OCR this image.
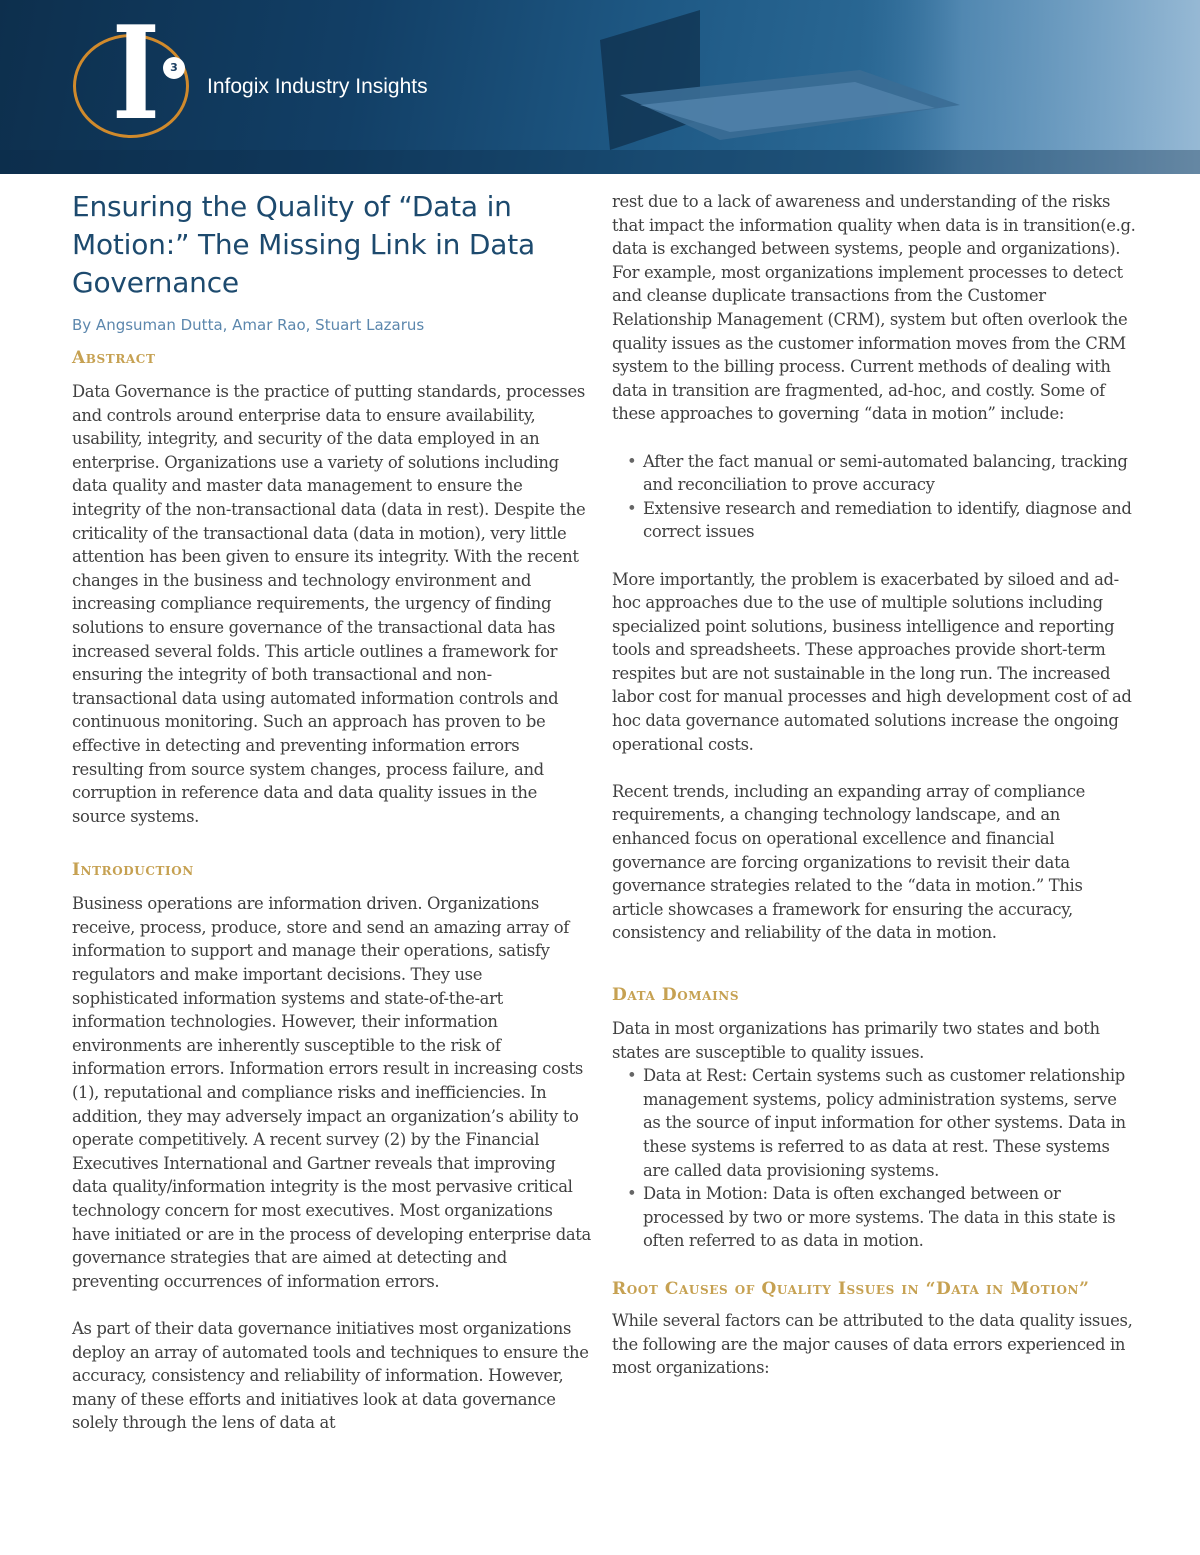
I 3
Infogix Industry Insights
Ensuring the Quality of “Data in Motion:” The Missing Link in Data Governance
By Angsuman Dutta, Amar Rao, Stuart Lazarus
Abstract

Data Governance is the practice of putting standards, processes and controls around enterprise data to ensure availability, usability, integrity, and security of the data employed in an enterprise. Organizations use a variety of solutions including data quality and master data management to ensure the integrity of the non-transactional data (data in rest). Despite the criticality of the transactional data (data in motion), very little attention has been given to ensure its integrity. With the recent changes in the business and technology environment and increasing compliance requirements, the urgency of finding solutions to ensure governance of the transactional data has increased several folds. This article outlines a framework for ensuring the integrity of both transactional and non-transactional data using automated information controls and continuous monitoring. Such an approach has proven to be effective in detecting and preventing information errors resulting from source system changes, process failure, and corruption in reference data and data quality issues in the source systems.

Introduction

Business operations are information driven. Organizations receive, process, produce, store and send an amazing array of information to support and manage their operations, satisfy regulators and make important decisions. They use sophisticated information systems and state-of-the-art information technologies. However, their information environments are inherently susceptible to the risk of information errors. Information errors result in increasing costs (1), reputational and compliance risks and inefficiencies. In addition, they may adversely impact an organization’s ability to operate competitively. A recent survey (2) by the Financial Executives International and Gartner reveals that improving data quality/information integrity is the most pervasive critical technology concern for most executives. Most organizations have initiated or are in the process of developing enterprise data governance strategies that are aimed at detecting and preventing occurrences of information errors.

As part of their data governance initiatives most organizations deploy an array of automated tools and techniques to ensure the accuracy, consistency and reliability of information. However, many of these efforts and initiatives look at data governance solely through the lens of data at

rest due to a lack of awareness and understanding of the risks that impact the information quality when data is in transition(e.g. data is exchanged between systems, people and organizations). For example, most organizations implement processes to detect and cleanse duplicate transactions from the Customer Relationship Management (CRM), system but often overlook the quality issues as the customer information moves from the CRM system to the billing process. Current methods of dealing with data in transition are fragmented, ad-hoc, and costly. Some of these approaches to governing “data in motion” include:

• After the fact manual or semi-automated balancing, tracking and reconciliation to prove accuracy
• Extensive research and remediation to identify, diagnose and correct issues

More importantly, the problem is exacerbated by siloed and ad-hoc approaches due to the use of multiple solutions including specialized point solutions, business intelligence and reporting tools and spreadsheets. These approaches provide short-term respites but are not sustainable in the long run. The increased labor cost for manual processes and high development cost of ad hoc data governance automated solutions increase the ongoing operational costs.

Recent trends, including an expanding array of compliance requirements, a changing technology landscape, and an enhanced focus on operational excellence and financial governance are forcing organizations to revisit their data governance strategies related to the “data in motion.” This article showcases a framework for ensuring the accuracy, consistency and reliability of the data in motion.

Data Domains

Data in most organizations has primarily two states and both states are susceptible to quality issues.

• Data at Rest: Certain systems such as customer relationship management systems, policy administration systems, serve as the source of input information for other systems. Data in these systems is referred to as data at rest. These systems are called data provisioning systems.
• Data in Motion: Data is often exchanged between or processed by two or more systems. The data in this state is often referred to as data in motion.
Root Causes of Quality Issues in “Data in Motion”

While several factors can be attributed to the data quality issues, the following are the major causes of data errors experienced in most organizations:
